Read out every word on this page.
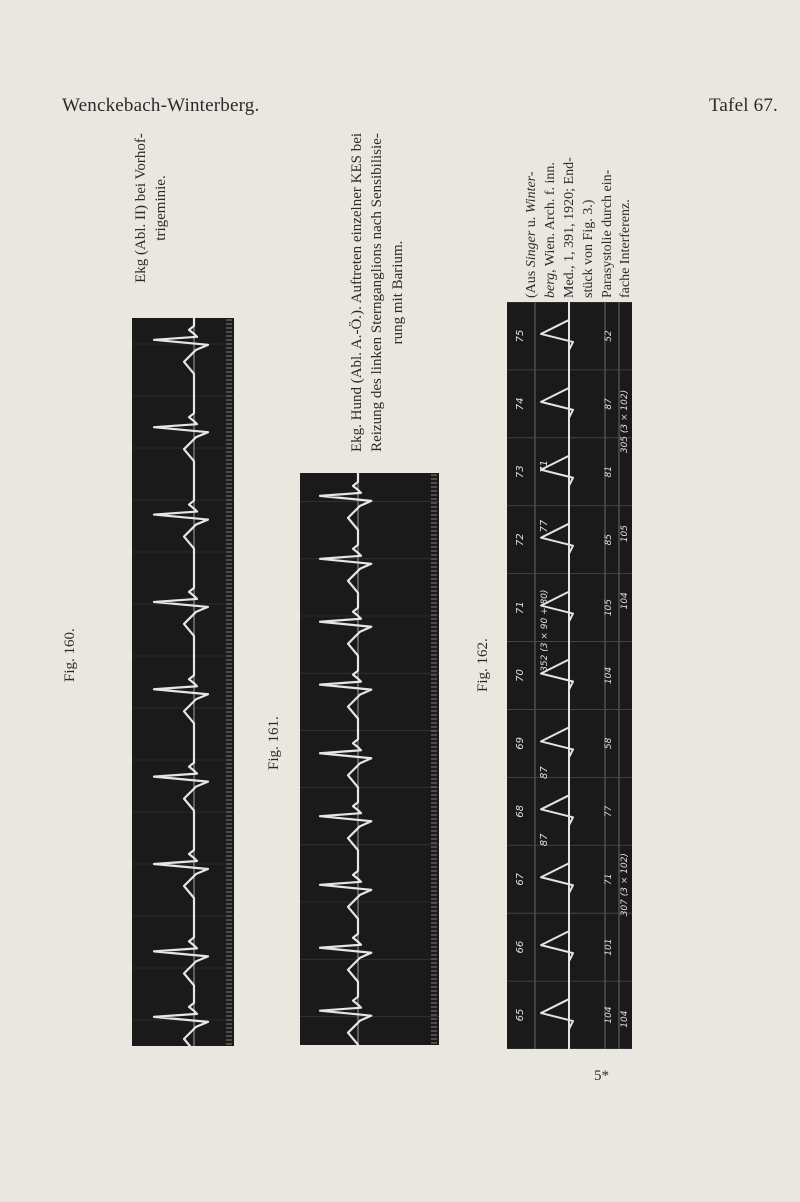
Wenckebach-Winterberg.	Tafel 67.
Fig. 160.
Ekg (Abl. II) bei Vorhof- trigeminie.
Fig. 161.
Ekg. Hund (Abl. A.-Ö.). Auftreten einzelner KES bei Reizung des linken Sternganglions nach Sensibilisie- rung mit Barium.
Fig. 162.
(Aus Singer u. Winter-
berg, Wien. Arch. f. inn. Med., 1, 391, 1920; End- stück von Fig. 3.) Parasystolie durch ein- fache Interferenz.
65
66
67
68
69
70
71
72
73
74
75
71
77
87
87
352 (3 × 90 + 80)
104
101
71
77
58
104
105
85
81
87
52
104
307 (3 × 102)
104
105
305 (3 × 102)
5*
